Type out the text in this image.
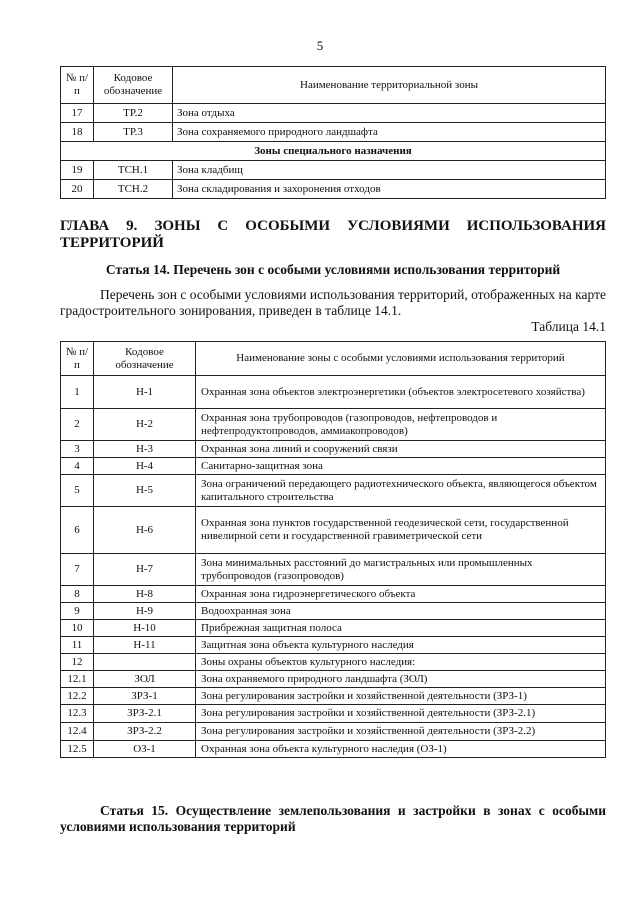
5
№ п/п	Кодовое обозначение	Наименование территориальной зоны
17	ТР.2	Зона отдыха
18	ТР.3	Зона сохраняемого природного ландшафта
Зоны специального назначения		
19	ТСН.1	Зона кладбищ
20	ТСН.2	Зона складирования и захоронения отходов
ГЛАВА 9. ЗОНЫ С ОСОБЫМИ УСЛОВИЯМИ ИСПОЛЬЗОВАНИЯ ТЕРРИТОРИЙ
Статья 14. Перечень зон с особыми условиями использования территорий
Перечень зон с особыми условиями использования территорий, отображенных на карте градостроительного зонирования, приведен в таблице 14.1.
Таблица 14.1
№ п/п	Кодовое обозначение	Наименование зоны с особыми условиями использования территорий
1	Н-1	Охранная зона объектов электроэнергетики (объектов электросетевого хозяйства)
2	Н-2	Охранная зона трубопроводов (газопроводов, нефтепроводов и нефтепродуктопроводов, аммиакопроводов)
3	Н-3	Охранная зона линий и сооружений связи
4	Н-4	Санитарно-защитная зона
5	Н-5	Зона ограничений передающего радиотехнического объекта, являющегося объектом капитального строительства
6	Н-6	Охранная зона пунктов государственной геодезической сети, государственной нивелирной сети и государственной гравиметрической сети
7	Н-7	Зона минимальных расстояний до магистральных или промышленных трубопроводов (газопроводов)
8	Н-8	Охранная зона гидроэнергетического объекта
9	Н-9	Водоохранная зона
10	Н-10	Прибрежная защитная полоса
11	Н-11	Защитная зона объекта культурного наследия
12		Зоны охраны объектов культурного наследия:
12.1	ЗОЛ	Зона охраняемого природного ландшафта (ЗОЛ)
12.2	ЗРЗ-1	Зона регулирования застройки и хозяйственной деятельности (ЗРЗ-1)
12.3	ЗРЗ-2.1	Зона регулирования застройки и хозяйственной деятельности (ЗРЗ-2.1)
12.4	ЗРЗ-2.2	Зона регулирования застройки и хозяйственной деятельности (ЗРЗ-2.2)
12.5	ОЗ-1	Охранная зона объекта культурного наследия (ОЗ-1)
Статья 15. Осуществление землепользования и застройки в зонах с особыми условиями использования территорий
